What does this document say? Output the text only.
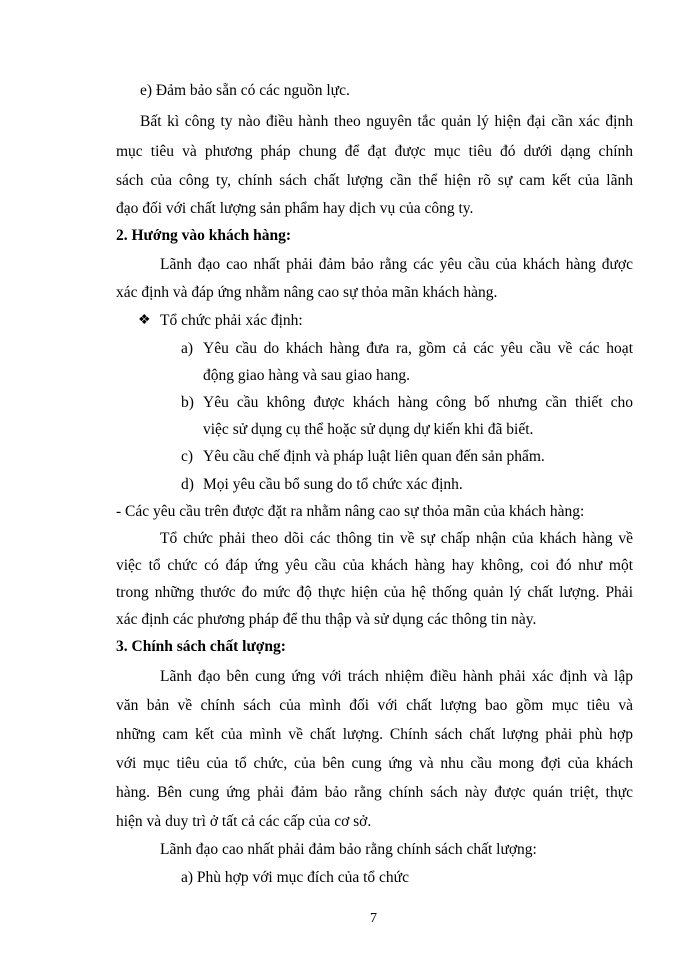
e) Đảm bảo sẵn có các nguồn lực.
Bất kì công ty nào điều hành theo nguyên tắc quản lý hiện đại cần xác định
mục tiêu và phương pháp chung để đạt được mục tiêu đó dưới dạng chính
sách của công ty, chính sách chất lượng cần thể hiện rõ sự cam kết của lãnh
đạo đối với chất lượng sản phẩm hay dịch vụ của công ty.
2. Hướng vào khách hàng:
Lãnh đạo cao nhất phải đảm bảo rằng các yêu cầu của khách hàng được
xác định và đáp ứng nhằm nâng cao sự thỏa mãn khách hàng.
❖ Tổ chức phải xác định:
a) Yêu cầu do khách hàng đưa ra, gồm cả các yêu cầu về các hoạt
động giao hàng và sau giao hang.
b) Yêu cầu không được khách hàng công bố nhưng cần thiết cho
việc sử dụng cụ thể hoặc sử dụng dự kiến khi đã biết.
c) Yêu cầu chế định và pháp luật liên quan đến sản phẩm.
d) Mọi yêu cầu bổ sung do tổ chức xác định.
- Các yêu cầu trên được đặt ra nhằm nâng cao sự thỏa mãn của khách hàng:
Tổ chức phải theo dõi các thông tin về sự chấp nhận của khách hàng về
việc tổ chức có đáp ứng yêu cầu của khách hàng hay không, coi đó như một
trong những thước đo mức độ thực hiện của hệ thống quản lý chất lượng. Phải
xác định các phương pháp để thu thập và sử dụng các thông tin này.
3. Chính sách chất lượng:
Lãnh đạo bên cung ứng với trách nhiệm điều hành phải xác định và lập
văn bản về chính sách của mình đối với chất lượng bao gồm mục tiêu và
những cam kết của mình về chất lượng. Chính sách chất lượng phải phù hợp
với mục tiêu của tổ chức, của bên cung ứng và nhu cầu mong đợi của khách
hàng. Bên cung ứng phải đảm bảo rằng chính sách này được quán triệt, thực
hiện và duy trì ở tất cả các cấp của cơ sở.
Lãnh đạo cao nhất phải đảm bảo rằng chính sách chất lượng:
a) Phù hợp với mục đích của tổ chức
7
